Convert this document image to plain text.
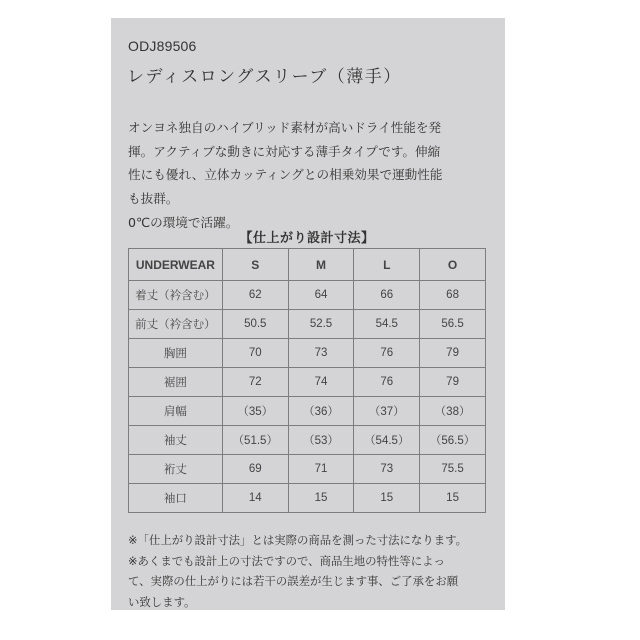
ODJ89506
レディスロングスリーブ（薄手）
オンヨネ独自のハイブリッド素材が高いドライ性能を発
揮。アクティブな動きに対応する薄手タイプです。伸縮
性にも優れ、立体カッティングとの相乗効果で運動性能
も抜群。
0℃の環境で活躍。
【仕上がり設計寸法】
UNDERWEAR	S	M	L	O
着丈（衿含む）	62	64	66	68
前丈（衿含む）	50.5	52.5	54.5	56.5
胸囲	70	73	76	79
裾囲	72	74	76	79
肩幅	（35）	（36）	（37）	（38）
袖丈	（51.5）	（53）	（54.5）	（56.5）
裄丈	69	71	73	75.5
袖口	14	15	15	15
※「仕上がり設計寸法」とは実際の商品を測った寸法になります。
※あくまでも設計上の寸法ですので、商品生地の特性等によっ
て、実際の仕上がりには若干の誤差が生じます事、ご了承をお願
い致します。
